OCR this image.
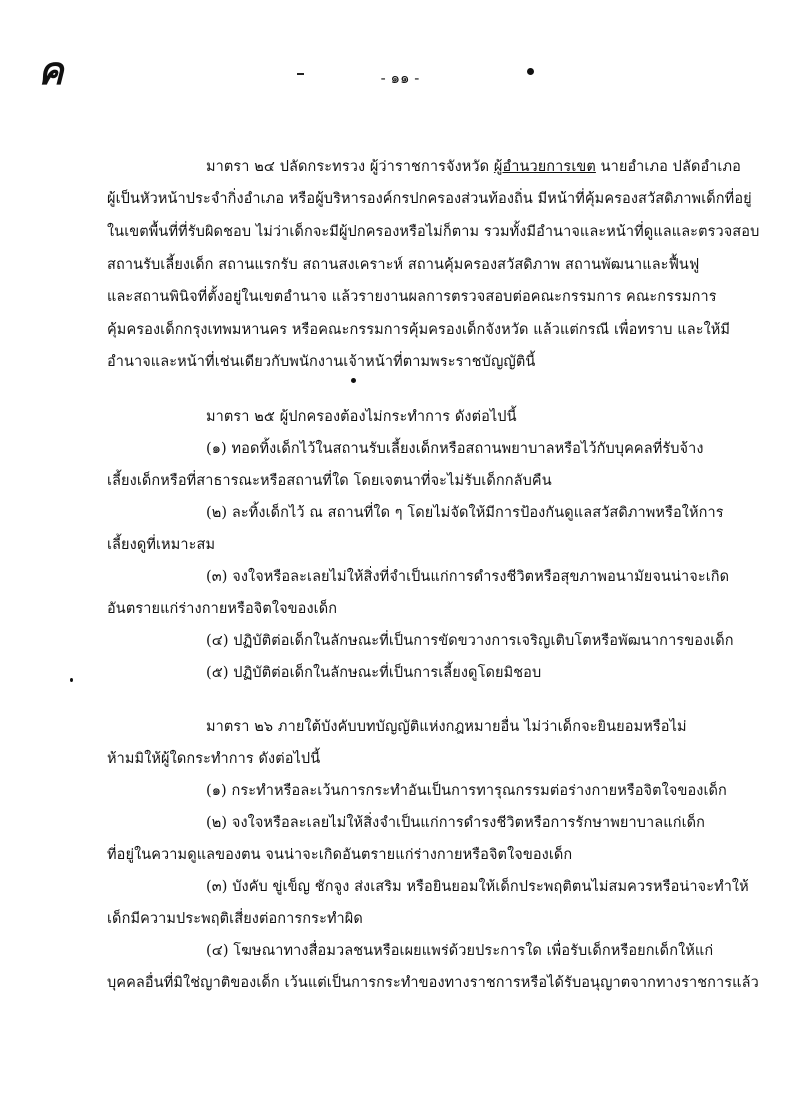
ค	- ๑๑ -
มาตรา ๒๔ ปลัดกระทรวง ผู้ว่าราชการจังหวัด ผู้อำนวยการเขต นายอำเภอ ปลัดอำเภอ
ผู้เป็นหัวหน้าประจำกิ่งอำเภอ หรือผู้บริหารองค์กรปกครองส่วนท้องถิ่น มีหน้าที่คุ้มครองสวัสดิภาพเด็กที่อยู่
ในเขตพื้นที่ที่รับผิดชอบ ไม่ว่าเด็กจะมีผู้ปกครองหรือไม่ก็ตาม รวมทั้งมีอำนาจและหน้าที่ดูแลและตรวจสอบ
สถานรับเลี้ยงเด็ก สถานแรกรับ สถานสงเคราะห์ สถานคุ้มครองสวัสดิภาพ สถานพัฒนาและฟื้นฟู
และสถานพินิจที่ตั้งอยู่ในเขตอำนาจ แล้วรายงานผลการตรวจสอบต่อคณะกรรมการ คณะกรรมการ
คุ้มครองเด็กกรุงเทพมหานคร หรือคณะกรรมการคุ้มครองเด็กจังหวัด แล้วแต่กรณี เพื่อทราบ และให้มี
อำนาจและหน้าที่เช่นเดียวกับพนักงานเจ้าหน้าที่ตามพระราชบัญญัตินี้
มาตรา ๒๕ ผู้ปกครองต้องไม่กระทำการ ดังต่อไปนี้
(๑) ทอดทิ้งเด็กไว้ในสถานรับเลี้ยงเด็กหรือสถานพยาบาลหรือไว้กับบุคคลที่รับจ้าง
เลี้ยงเด็กหรือที่สาธารณะหรือสถานที่ใด โดยเจตนาที่จะไม่รับเด็กกลับคืน
(๒) ละทิ้งเด็กไว้ ณ สถานที่ใด ๆ โดยไม่จัดให้มีการป้องกันดูแลสวัสดิภาพหรือให้การ
เลี้ยงดูที่เหมาะสม
(๓) จงใจหรือละเลยไม่ให้สิ่งที่จำเป็นแก่การดำรงชีวิตหรือสุขภาพอนามัยจนน่าจะเกิด
อันตรายแก่ร่างกายหรือจิตใจของเด็ก
(๔) ปฏิบัติต่อเด็กในลักษณะที่เป็นการขัดขวางการเจริญเติบโตหรือพัฒนาการของเด็ก
(๕) ปฏิบัติต่อเด็กในลักษณะที่เป็นการเลี้ยงดูโดยมิชอบ
มาตรา ๒๖ ภายใต้บังคับบทบัญญัติแห่งกฎหมายอื่น ไม่ว่าเด็กจะยินยอมหรือไม่
ห้ามมิให้ผู้ใดกระทำการ ดังต่อไปนี้
(๑) กระทำหรือละเว้นการกระทำอันเป็นการทารุณกรรมต่อร่างกายหรือจิตใจของเด็ก
(๒) จงใจหรือละเลยไม่ให้สิ่งจำเป็นแก่การดำรงชีวิตหรือการรักษาพยาบาลแก่เด็ก
ที่อยู่ในความดูแลของตน จนน่าจะเกิดอันตรายแก่ร่างกายหรือจิตใจของเด็ก
(๓) บังคับ ขู่เข็ญ ชักจูง ส่งเสริม หรือยินยอมให้เด็กประพฤติตนไม่สมควรหรือน่าจะทำให้
เด็กมีความประพฤติเสี่ยงต่อการกระทำผิด
(๔) โฆษณาทางสื่อมวลชนหรือเผยแพร่ด้วยประการใด เพื่อรับเด็กหรือยกเด็กให้แก่
บุคคลอื่นที่มิใช่ญาติของเด็ก เว้นแต่เป็นการกระทำของทางราชการหรือได้รับอนุญาตจากทางราชการแล้ว
